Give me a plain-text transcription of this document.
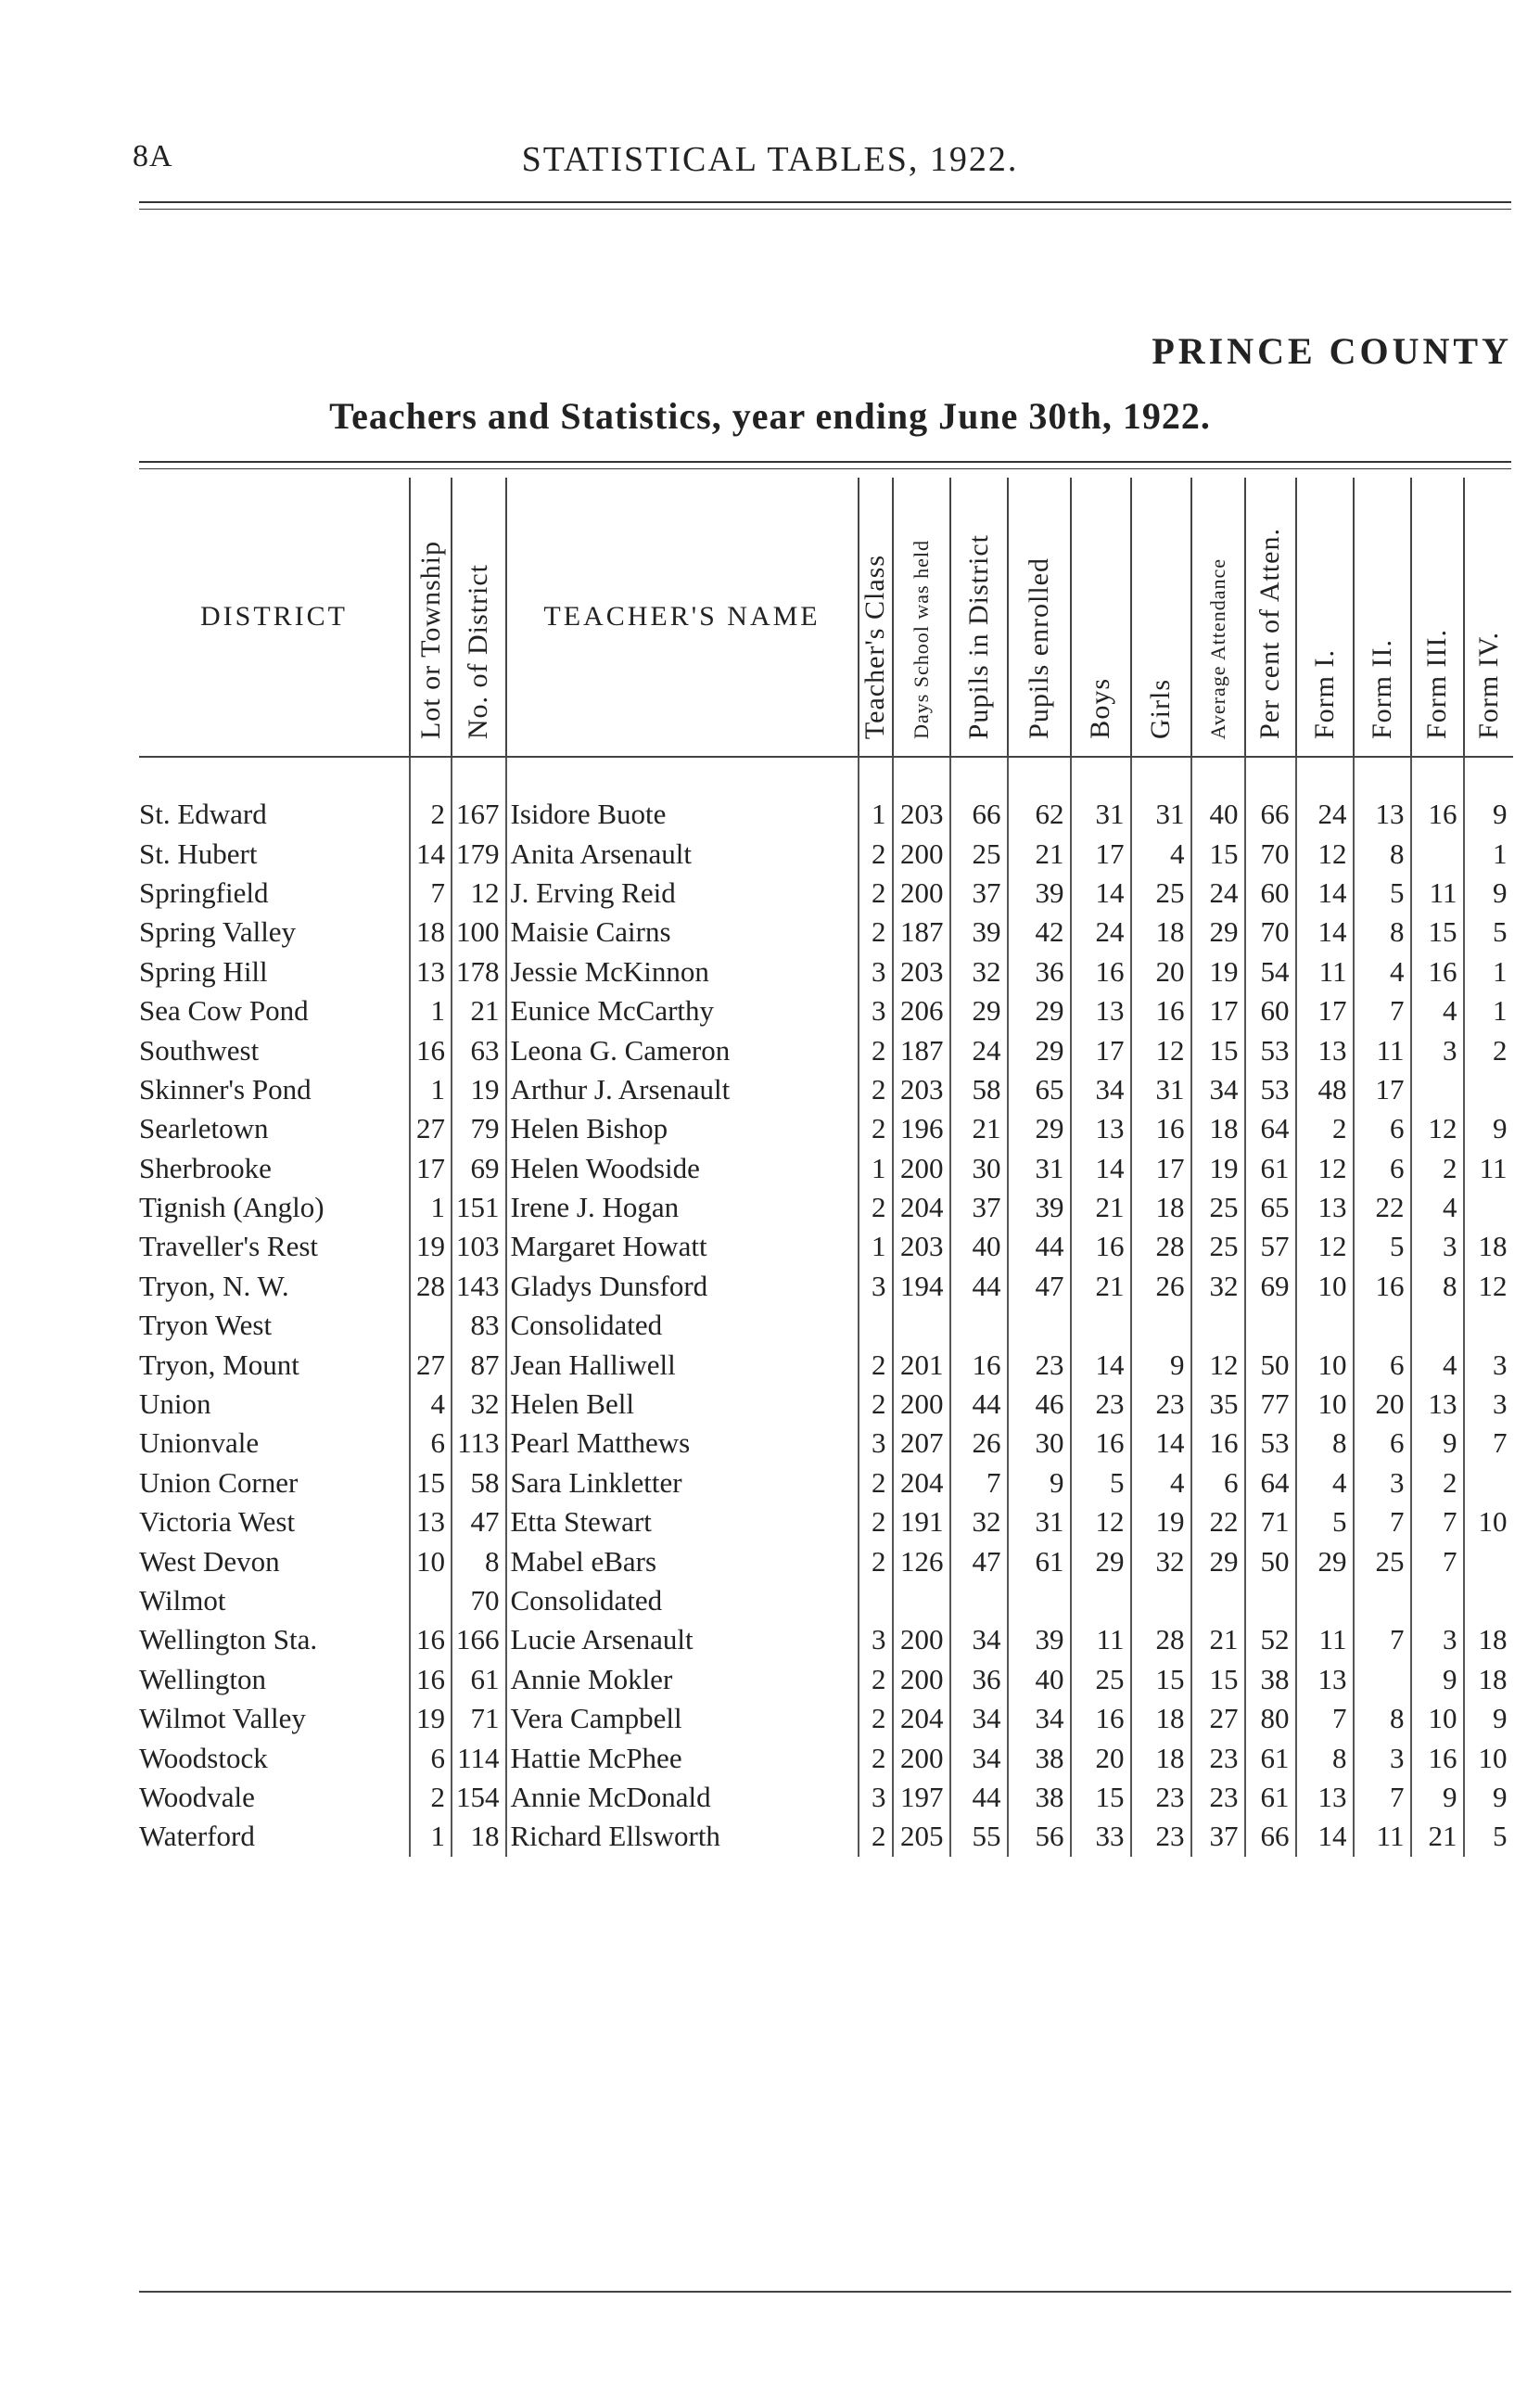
8A	STATISTICAL TABLES, 1922.
PRINCE COUNTY
Teachers and Statistics, year ending June 30th, 1922.
DISTRICT	Lot or Township	No. of District	TEACHER'S NAME	Teacher's Class	Days School was held	Pupils in District	Pupils enrolled	Boys	Girls	Average Attendance	Per cent of Atten.	Form I.	Form II.	Form III.	Form IV.

St. Edward	2	167	Isidore Buote	1	203	66	62	31	31	40	66	24	13	16	9
St. Hubert	14	179	Anita Arsenault	2	200	25	21	17	4	15	70	12	8		1
Springfield	7	12	J. Erving Reid	2	200	37	39	14	25	24	60	14	5	11	9
Spring Valley	18	100	Maisie Cairns	2	187	39	42	24	18	29	70	14	8	15	5
Spring Hill	13	178	Jessie McKinnon	3	203	32	36	16	20	19	54	11	4	16	1
Sea Cow Pond	1	21	Eunice McCarthy	3	206	29	29	13	16	17	60	17	7	4	1
Southwest	16	63	Leona G. Cameron	2	187	24	29	17	12	15	53	13	11	3	2
Skinner's Pond	1	19	Arthur J. Arsenault	2	203	58	65	34	31	34	53	48	17		
Searletown	27	79	Helen Bishop	2	196	21	29	13	16	18	64	2	6	12	9
Sherbrooke	17	69	Helen Woodside	1	200	30	31	14	17	19	61	12	6	2	11
Tignish (Anglo)	1	151	Irene J. Hogan	2	204	37	39	21	18	25	65	13	22	4	
Traveller's Rest	19	103	Margaret Howatt	1	203	40	44	16	28	25	57	12	5	3	18
Tryon, N. W.	28	143	Gladys Dunsford	3	194	44	47	21	26	32	69	10	16	8	12
Tryon West		83	Consolidated												
Tryon, Mount	27	87	Jean Halliwell	2	201	16	23	14	9	12	50	10	6	4	3
Union	4	32	Helen Bell	2	200	44	46	23	23	35	77	10	20	13	3
Unionvale	6	113	Pearl Matthews	3	207	26	30	16	14	16	53	8	6	9	7
Union Corner	15	58	Sara Linkletter	2	204	7	9	5	4	6	64	4	3	2	
Victoria West	13	47	Etta Stewart	2	191	32	31	12	19	22	71	5	7	7	10
West Devon	10	8	Mabel eBars	2	126	47	61	29	32	29	50	29	25	7	
Wilmot		70	Consolidated												
Wellington Sta.	16	166	Lucie Arsenault	3	200	34	39	11	28	21	52	11	7	3	18
Wellington	16	61	Annie Mokler	2	200	36	40	25	15	15	38	13		9	18
Wilmot Valley	19	71	Vera Campbell	2	204	34	34	16	18	27	80	7	8	10	9
Woodstock	6	114	Hattie McPhee	2	200	34	38	20	18	23	61	8	3	16	10
Woodvale	2	154	Annie McDonald	3	197	44	38	15	23	23	61	13	7	9	9
Waterford	1	18	Richard Ellsworth	2	205	55	56	33	23	37	66	14	11	21	5
